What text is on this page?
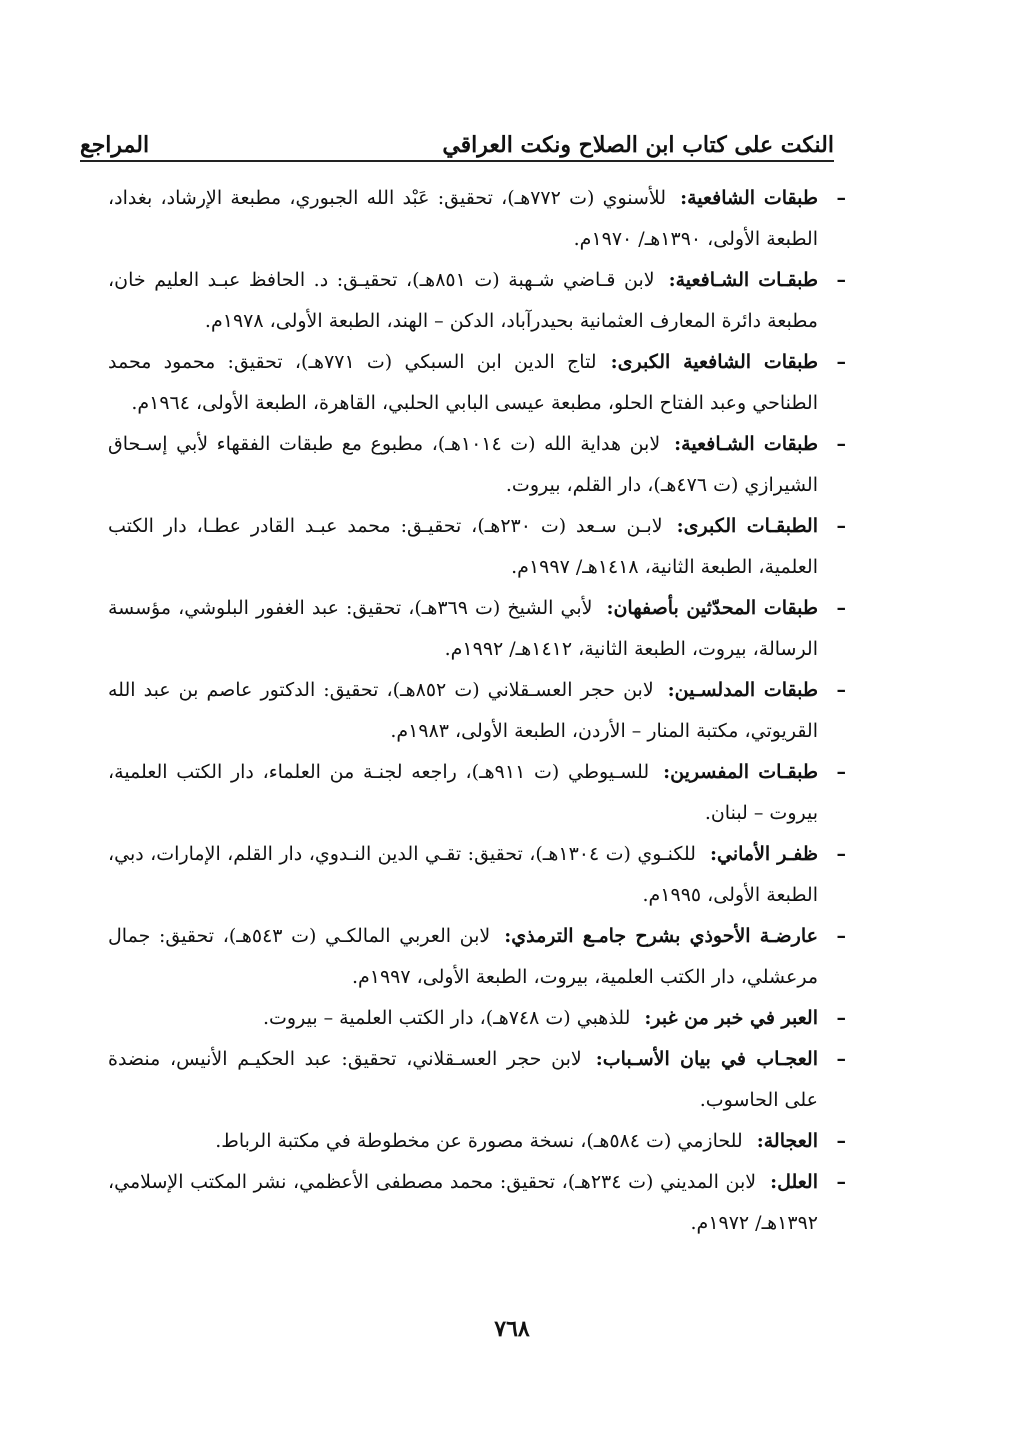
النكت على كتاب ابن الصلاح ونكت العراقي
المراجع
–
طبقات الشافعية:للأسنوي (ت ٧٧٢هـ)، تحقيق: عَبْد الله الجبوري، مطبعة الإرشاد، بغداد، الطبعة الأولى، ١٣٩٠هـ/ ١٩٧٠م.
–
طبقـات الشـافعية:لابن قـاضي شـهبة (ت ٨٥١هـ)، تحقيـق: د. الحافظ عبـد العليم خان، مطبعة دائرة المعارف العثمانية بحيدرآباد، الدكن – الهند، الطبعة الأولى، ١٩٧٨م.
–
طبقات الشافعية الكبرى:لتاج الدين ابن السبكي (ت ٧٧١هـ)، تحقيق: محمود محمد الطناحي وعبد الفتاح الحلو، مطبعة عيسى البابي الحلبي، القاهرة، الطبعة الأولى، ١٩٦٤م.
–
طبقات الشـافعية:لابن هداية الله (ت ١٠١٤هـ)، مطبوع مع طبقات الفقهاء لأبي إسـحاق الشيرازي (ت ٤٧٦هـ)، دار القلم، بيروت.
–
الطبقـات الكبرى:لابـن سـعد (ت ٢٣٠هـ)، تحقيـق: محمد عبـد القادر عطـا، دار الكتب العلمية، الطبعة الثانية، ١٤١٨هـ/ ١٩٩٧م.
–
طبقات المحدّثين بأصفهان:لأبي الشيخ (ت ٣٦٩هـ)، تحقيق: عبد الغفور البلوشي، مؤسسة الرسالة، بيروت، الطبعة الثانية، ١٤١٢هـ/ ١٩٩٢م.
–
طبقات المدلسـين:لابن حجر العسـقلاني (ت ٨٥٢هـ)، تحقيق: الدكتور عاصم بن عبد الله القريوتي، مكتبة المنار – الأردن، الطبعة الأولى، ١٩٨٣م.
–
طبقـات المفسرين:للسـيوطي (ت ٩١١هـ)، راجعه لجنـة من العلماء، دار الكتب العلمية، بيروت – لبنان.
–
ظفـر الأماني:للكنـوي (ت ١٣٠٤هـ)، تحقيق: تقـي الدين النـدوي، دار القلم، الإمارات، دبي، الطبعة الأولى، ١٩٩٥م.
–
عارضـة الأحوذي بشرح جامـع الترمذي:لابن العربي المالكـي (ت ٥٤٣هـ)، تحقيق: جمال مرعشلي، دار الكتب العلمية، بيروت، الطبعة الأولى، ١٩٩٧م.
–
العبر في خبر من غبر:للذهبي (ت ٧٤٨هـ)، دار الكتب العلمية – بيروت.
–
العجـاب في بيان الأسـباب:لابن حجر العسـقلاني، تحقيق: عبد الحكيـم الأنيس، منضدة على الحاسوب.
–
العجالة:للحازمي (ت ٥٨٤هـ)، نسخة مصورة عن مخطوطة في مكتبة الرباط.
–
العلل:لابن المديني (ت ٢٣٤هـ)، تحقيق: محمد مصطفى الأعظمي، نشر المكتب الإسلامي، ١٣٩٢هـ/ ١٩٧٢م.
٧٦٨
